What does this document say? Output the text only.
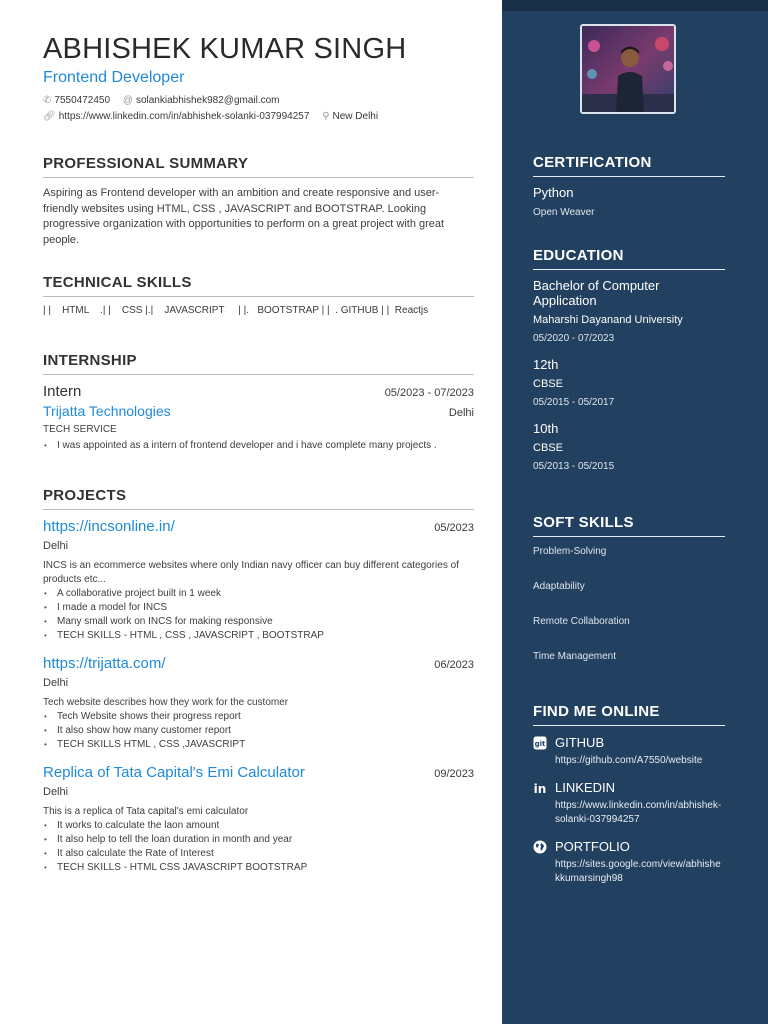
ABHISHEK KUMAR SINGH
Frontend Developer
✆ 7550472450 @ solankiabhishek982@gmail.com
🔗︎ https://www.linkedin.com/in/abhishek-solanki-037994257 ⚲ New Delhi
PROFESSIONAL SUMMARY

Aspiring as Frontend developer with an ambition and create responsive and user-friendly websites using HTML, CSS , JAVASCRIPT and BOOTSTRAP. Looking progressive organization with opportunities to perform on a great project with great people.

TECHNICAL SKILLS
| |    HTML    .| |    CSS |.|    JAVASCRIPT     | |.   BOOTSTRAP | |  . GITHUB | |  Reactjs
INTERNSHIP
Intern	05/2023 - 07/2023
Trijatta Technologies	Delhi
TECH SERVICE
• I was appointed as a intern of frontend developer and i have complete many projects .
PROJECTS
https://incsonline.in/	05/2023
Delhi
INCS is an ecommerce websites where only Indian navy officer can buy different categories of products etc...
• A collaborative project built in 1 week
• I made a model for INCS
• Many small work on INCS for making responsive
• TECH SKILLS - HTML , CSS , JAVASCRIPT , BOOTSTRAP
https://trijatta.com/	06/2023
Delhi
Tech website describes how they work for the customer
• Tech Website shows their progress report
• It also show how many customer report
• TECH SKILLS HTML , CSS ,JAVASCRIPT
Replica of Tata Capital's Emi Calculator	09/2023
Delhi
This is a replica of Tata capital's emi calculator
• It works to calculate the laon amount
• It also help to tell the loan duration in month and year
• It also calculate the Rate of Interest
• TECH SKILLS - HTML CSS JAVASCRIPT BOOTSTRAP
CERTIFICATION
Python
Open Weaver
EDUCATION
Bachelor of Computer Application
Maharshi Dayanand University
05/2020 - 07/2023
12th
CBSE
05/2015 - 05/2017
10th
CBSE
05/2013 - 05/2015
SOFT SKILLS
Problem-Solving
Adaptability
Remote Collaboration
Time Management
FIND ME ONLINE
git GITHUB
https://github.com/A7550/website
in LINKEDIN
https://www.linkedin.com/in/abhishek-solanki-037994257
PORTFOLIO
https://sites.google.com/view/abhishekkumarsingh98
